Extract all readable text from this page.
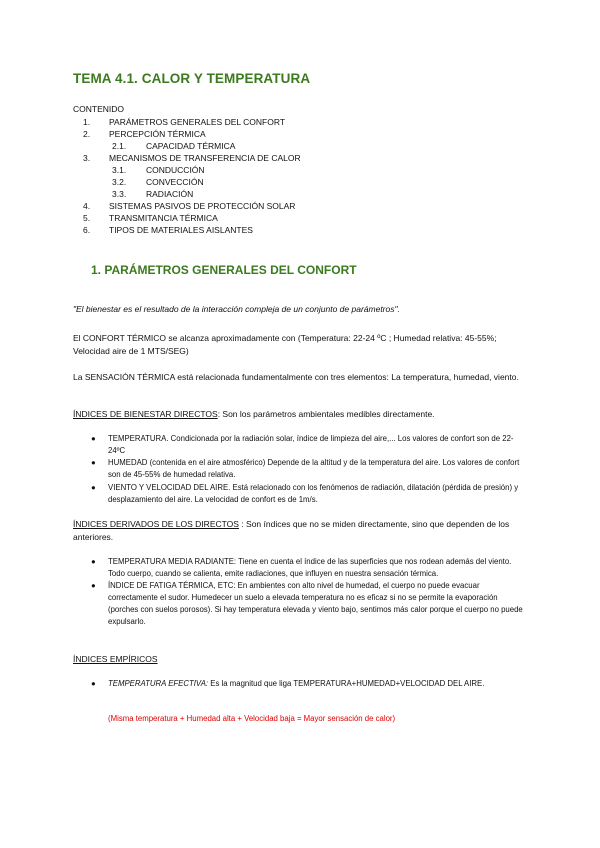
TEMA 4.1. CALOR Y TEMPERATURA
CONTENIDO
1. PARÁMETROS GENERALES DEL CONFORT
2. PERCEPCIÓN TÉRMICA
2.1. CAPACIDAD TÉRMICA
3. MECANISMOS DE TRANSFERENCIA DE CALOR
3.1. CONDUCCIÓN
3.2. CONVECCIÓN
3.3. RADIACIÓN
4. SISTEMAS PASIVOS DE PROTECCIÓN SOLAR
5. TRANSMITANCIA TÉRMICA
6. TIPOS DE MATERIALES AISLANTES
1. PARÁMETROS GENERALES DEL CONFORT
"El bienestar es el resultado de la interacción compleja de un conjunto de parámetros".
El CONFORT TÉRMICO se alcanza aproximadamente con (Temperatura: 22-24 ºC ; Humedad relativa: 45-55%; Velocidad aire de 1 MTS/SEG)
La SENSACIÓN TÉRMICA está relacionada fundamentalmente con tres elementos: La temperatura, humedad, viento.
ÍNDICES DE BIENESTAR DIRECTOS: Son los parámetros ambientales medibles directamente.
● TEMPERATURA. Condicionada por la radiación solar, índice de limpieza del aire,... Los valores de confort son de 22-24ºC
● HUMEDAD (contenida en el aire atmosférico) Depende de la altitud y de la temperatura del aire. Los valores de confort son de 45-55% de humedad relativa.
● VIENTO Y VELOCIDAD DEL AIRE. Está relacionado con los fenómenos de radiación, dilatación (pérdida de presión) y desplazamiento del aire. La velocidad de confort es de 1m/s.
ÍNDICES DERIVADOS DE LOS DIRECTOS : Son índices que no se miden directamente, sino que dependen de los anteriores.
● TEMPERATURA MEDIA RADIANTE: Tiene en cuenta el índice de las superficies que nos rodean además del viento. Todo cuerpo, cuando se calienta, emite radiaciones, que influyen en nuestra sensación térmica.
● ÍNDICE DE FATIGA TÉRMICA, ETC: En ambientes con alto nivel de humedad, el cuerpo no puede evacuar correctamente el sudor. Humedecer un suelo a elevada temperatura no es eficaz si no se permite la evaporación (porches con suelos porosos). Si hay temperatura elevada y viento bajo, sentimos más calor porque el cuerpo no puede expulsarlo.
ÍNDICES EMPÍRICOS
● TEMPERATURA EFECTIVA: Es la magnitud que liga TEMPERATURA+HUMEDAD+VELOCIDAD DEL AIRE.
(Misma temperatura + Humedad alta + Velocidad baja = Mayor sensación de calor)
